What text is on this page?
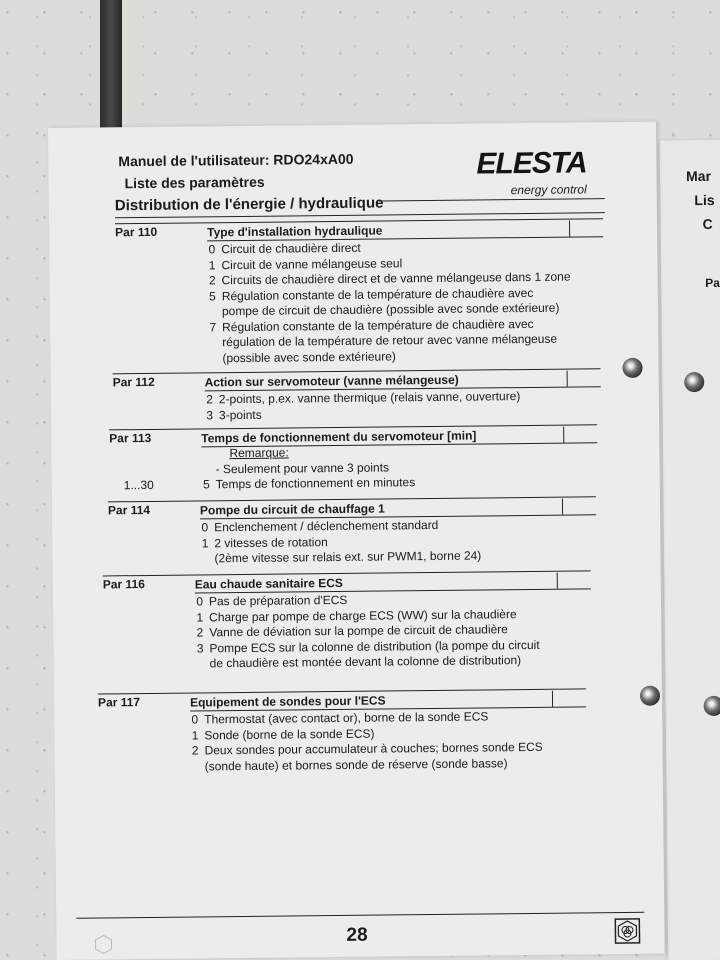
Mar
Lis
C
Pa
Manuel de l'utilisateur: RDO24xA00
Liste des paramètres
Distribution de l'énergie / hydraulique
ELESTA
energy control
28
Par 110	Type d'installation hydraulique
0 Circuit de chaudière direct
1 Circuit de vanne mélangeuse seul
2 Circuits de chaudière direct et de vanne mélangeuse dans 1 zone
5 Régulation constante de la température de chaudière avec
pompe de circuit de chaudière (possible avec sonde extérieure)
7 Régulation constante de la température de chaudière avec
régulation de la température de retour avec vanne mélangeuse
(possible avec sonde extérieure)
Par 112	Action sur servomoteur (vanne mélangeuse)
2 2-points, p.ex. vanne thermique (relais vanne, ouverture)
3 3-points
Par 113	Temps de fonctionnement du servomoteur [min]
Remarque:
- Seulement pour vanne 3 points
1...30	5 Temps de fonctionnement en minutes
Par 114	Pompe du circuit de chauffage 1
0 Enclenchement / déclenchement standard
1 2 vitesses de rotation
(2ème vitesse sur relais ext. sur PWM1, borne 24)
Par 116	Eau chaude sanitaire ECS
0 Pas de préparation d'ECS
1 Charge par pompe de charge ECS (WW) sur la chaudière
2 Vanne de déviation sur la pompe de circuit de chaudière
3 Pompe ECS sur la colonne de distribution (la pompe du circuit
de chaudière est montée devant la colonne de distribution)
Par 117	Equipement de sondes pour l'ECS
0 Thermostat (avec contact or), borne de la sonde ECS
1 Sonde (borne de la sonde ECS)
2 Deux sondes pour accumulateur à couches; bornes sonde ECS
(sonde haute) et bornes sonde de réserve (sonde basse)
